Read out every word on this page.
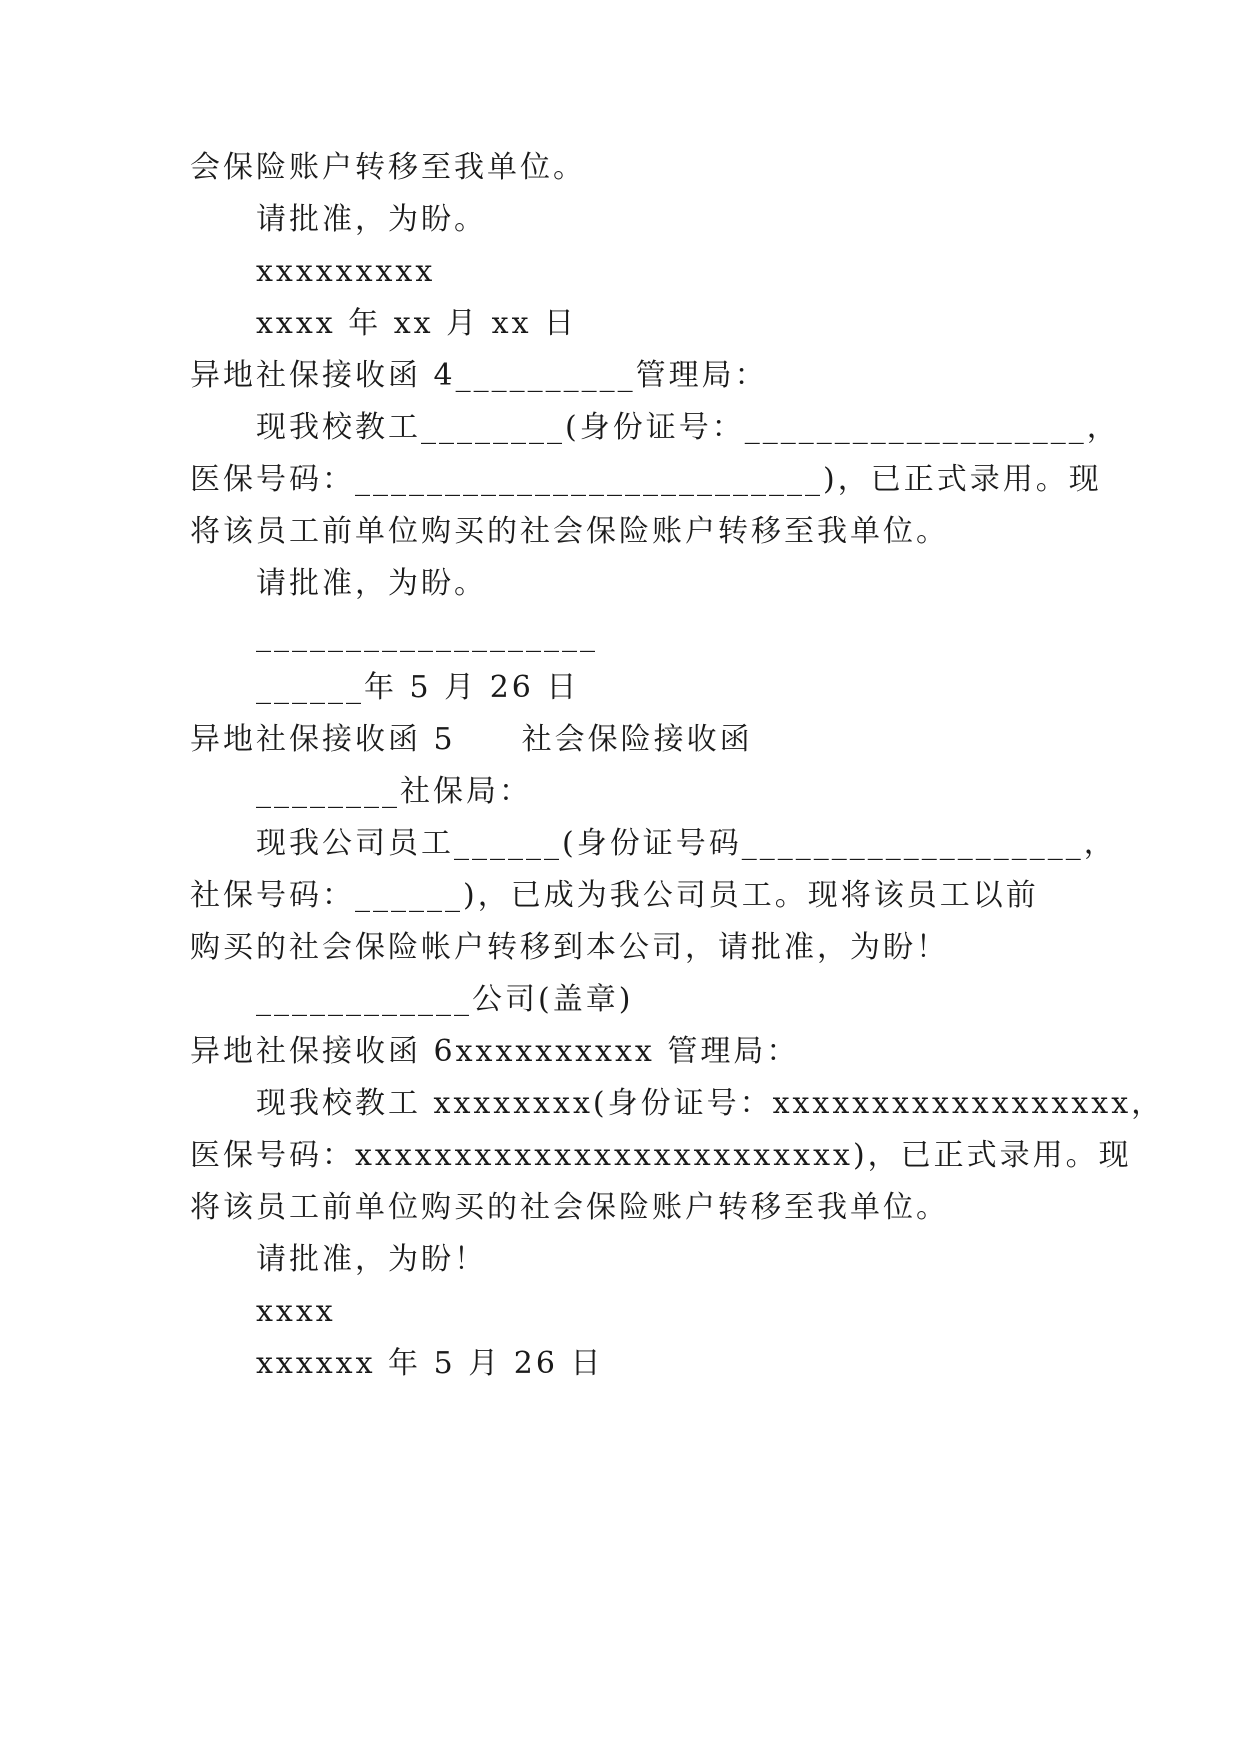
会保险账户转移至我单位。
请批准，为盼。
xxxxxxxxx
xxxx 年 xx 月 xx 日
异地社保接收函 4__________管理局：
现我校教工________(身份证号：___________________，
医保号码：__________________________)，已正式录用。现
将该员工前单位购买的社会保险账户转移至我单位。
请批准，为盼。
___________________
______年 5 月 26 日
异地社保接收函 5　　社会保险接收函
________社保局：
现我公司员工______(身份证号码___________________，
社保号码：______)，已成为我公司员工。现将该员工以前
购买的社会保险帐户转移到本公司，请批准，为盼！
____________公司(盖章)
异地社保接收函 6xxxxxxxxxx 管理局：
现我校教工 xxxxxxxx(身份证号：xxxxxxxxxxxxxxxxxx，
医保号码：xxxxxxxxxxxxxxxxxxxxxxxxx)，已正式录用。现
将该员工前单位购买的社会保险账户转移至我单位。
请批准，为盼！
xxxx
xxxxxx 年 5 月 26 日
